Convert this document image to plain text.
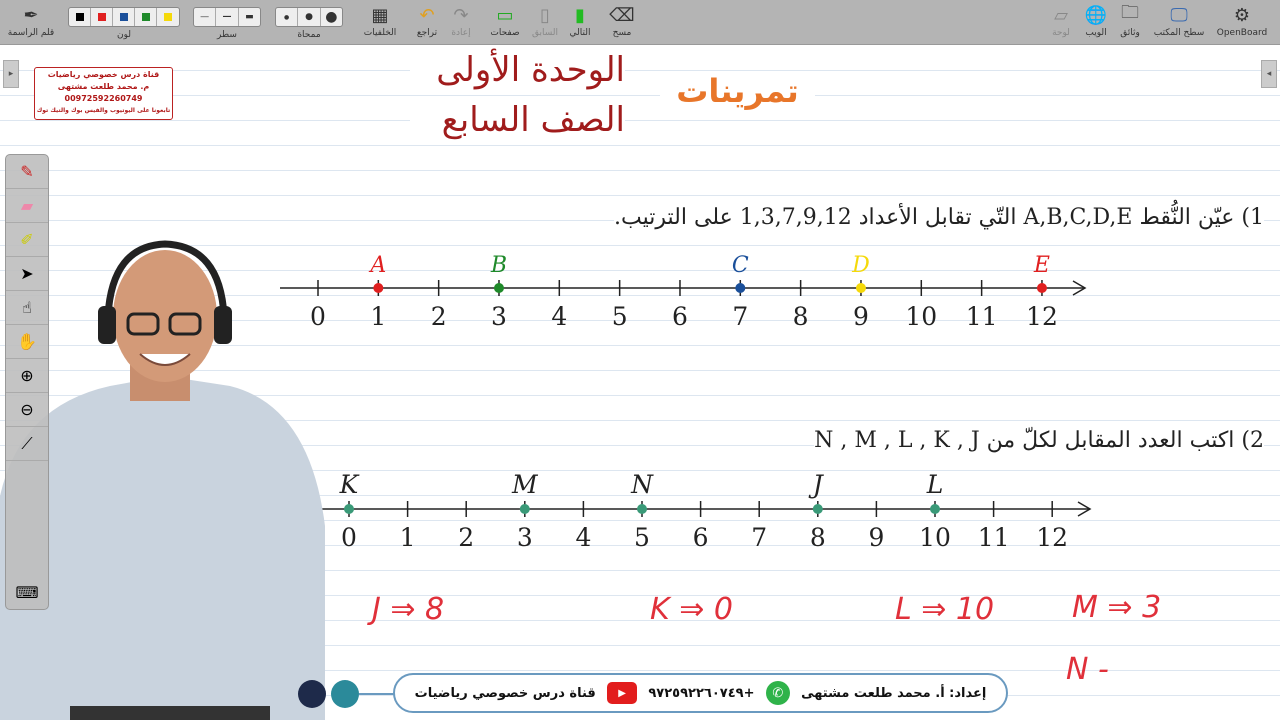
✒
قلم الراسمة	لون
—	—	▬
سطر
●	● ●
ممحاة
▦
الخلفيات
↶
تراجع
↷
إعادة
▭
صفحات
▯
السابق
▮
التالي
⌫
مسح
▱
لوحة
🌐
الويب
🗀
وثائق
🖵
سطح المكتب
⚙
OpenBoard
▸	◂
قناة درس خصوصي رياضيات
م. محمد طلعت مشتهى
00972592260749
تابعونا على اليوتيوب والفيس بوك والتيك توك
الوحدة الأولى
الصف السابع
تمرينات
1) عيّن النُّقط A,B,C,D,E التّي تقابل الأعداد 1,3,7,9,12 على الترتيب.
2) اكتب العدد المقابل لكلّ من N , M , L , K , J
0 1 2 3 4 5 6 7 8 9 10 11 12
A	B	C	D	E
0 1 2 3 4 5 6 7 8 9 10 11 12
K	M	N	J	L
✎
▰
✐
➤
☝
✋
⊕
⊖
⟋
⌨	J ⇒ 8	K ⇒ 0	L ⇒ 10	M ⇒ 3
N -
إعداد: أ. محمد طلعت مشتهى
✆
+٩٧٢٥٩٢٢٦٠٧٤٩
▶
قناة درس خصوصي رياضيات
